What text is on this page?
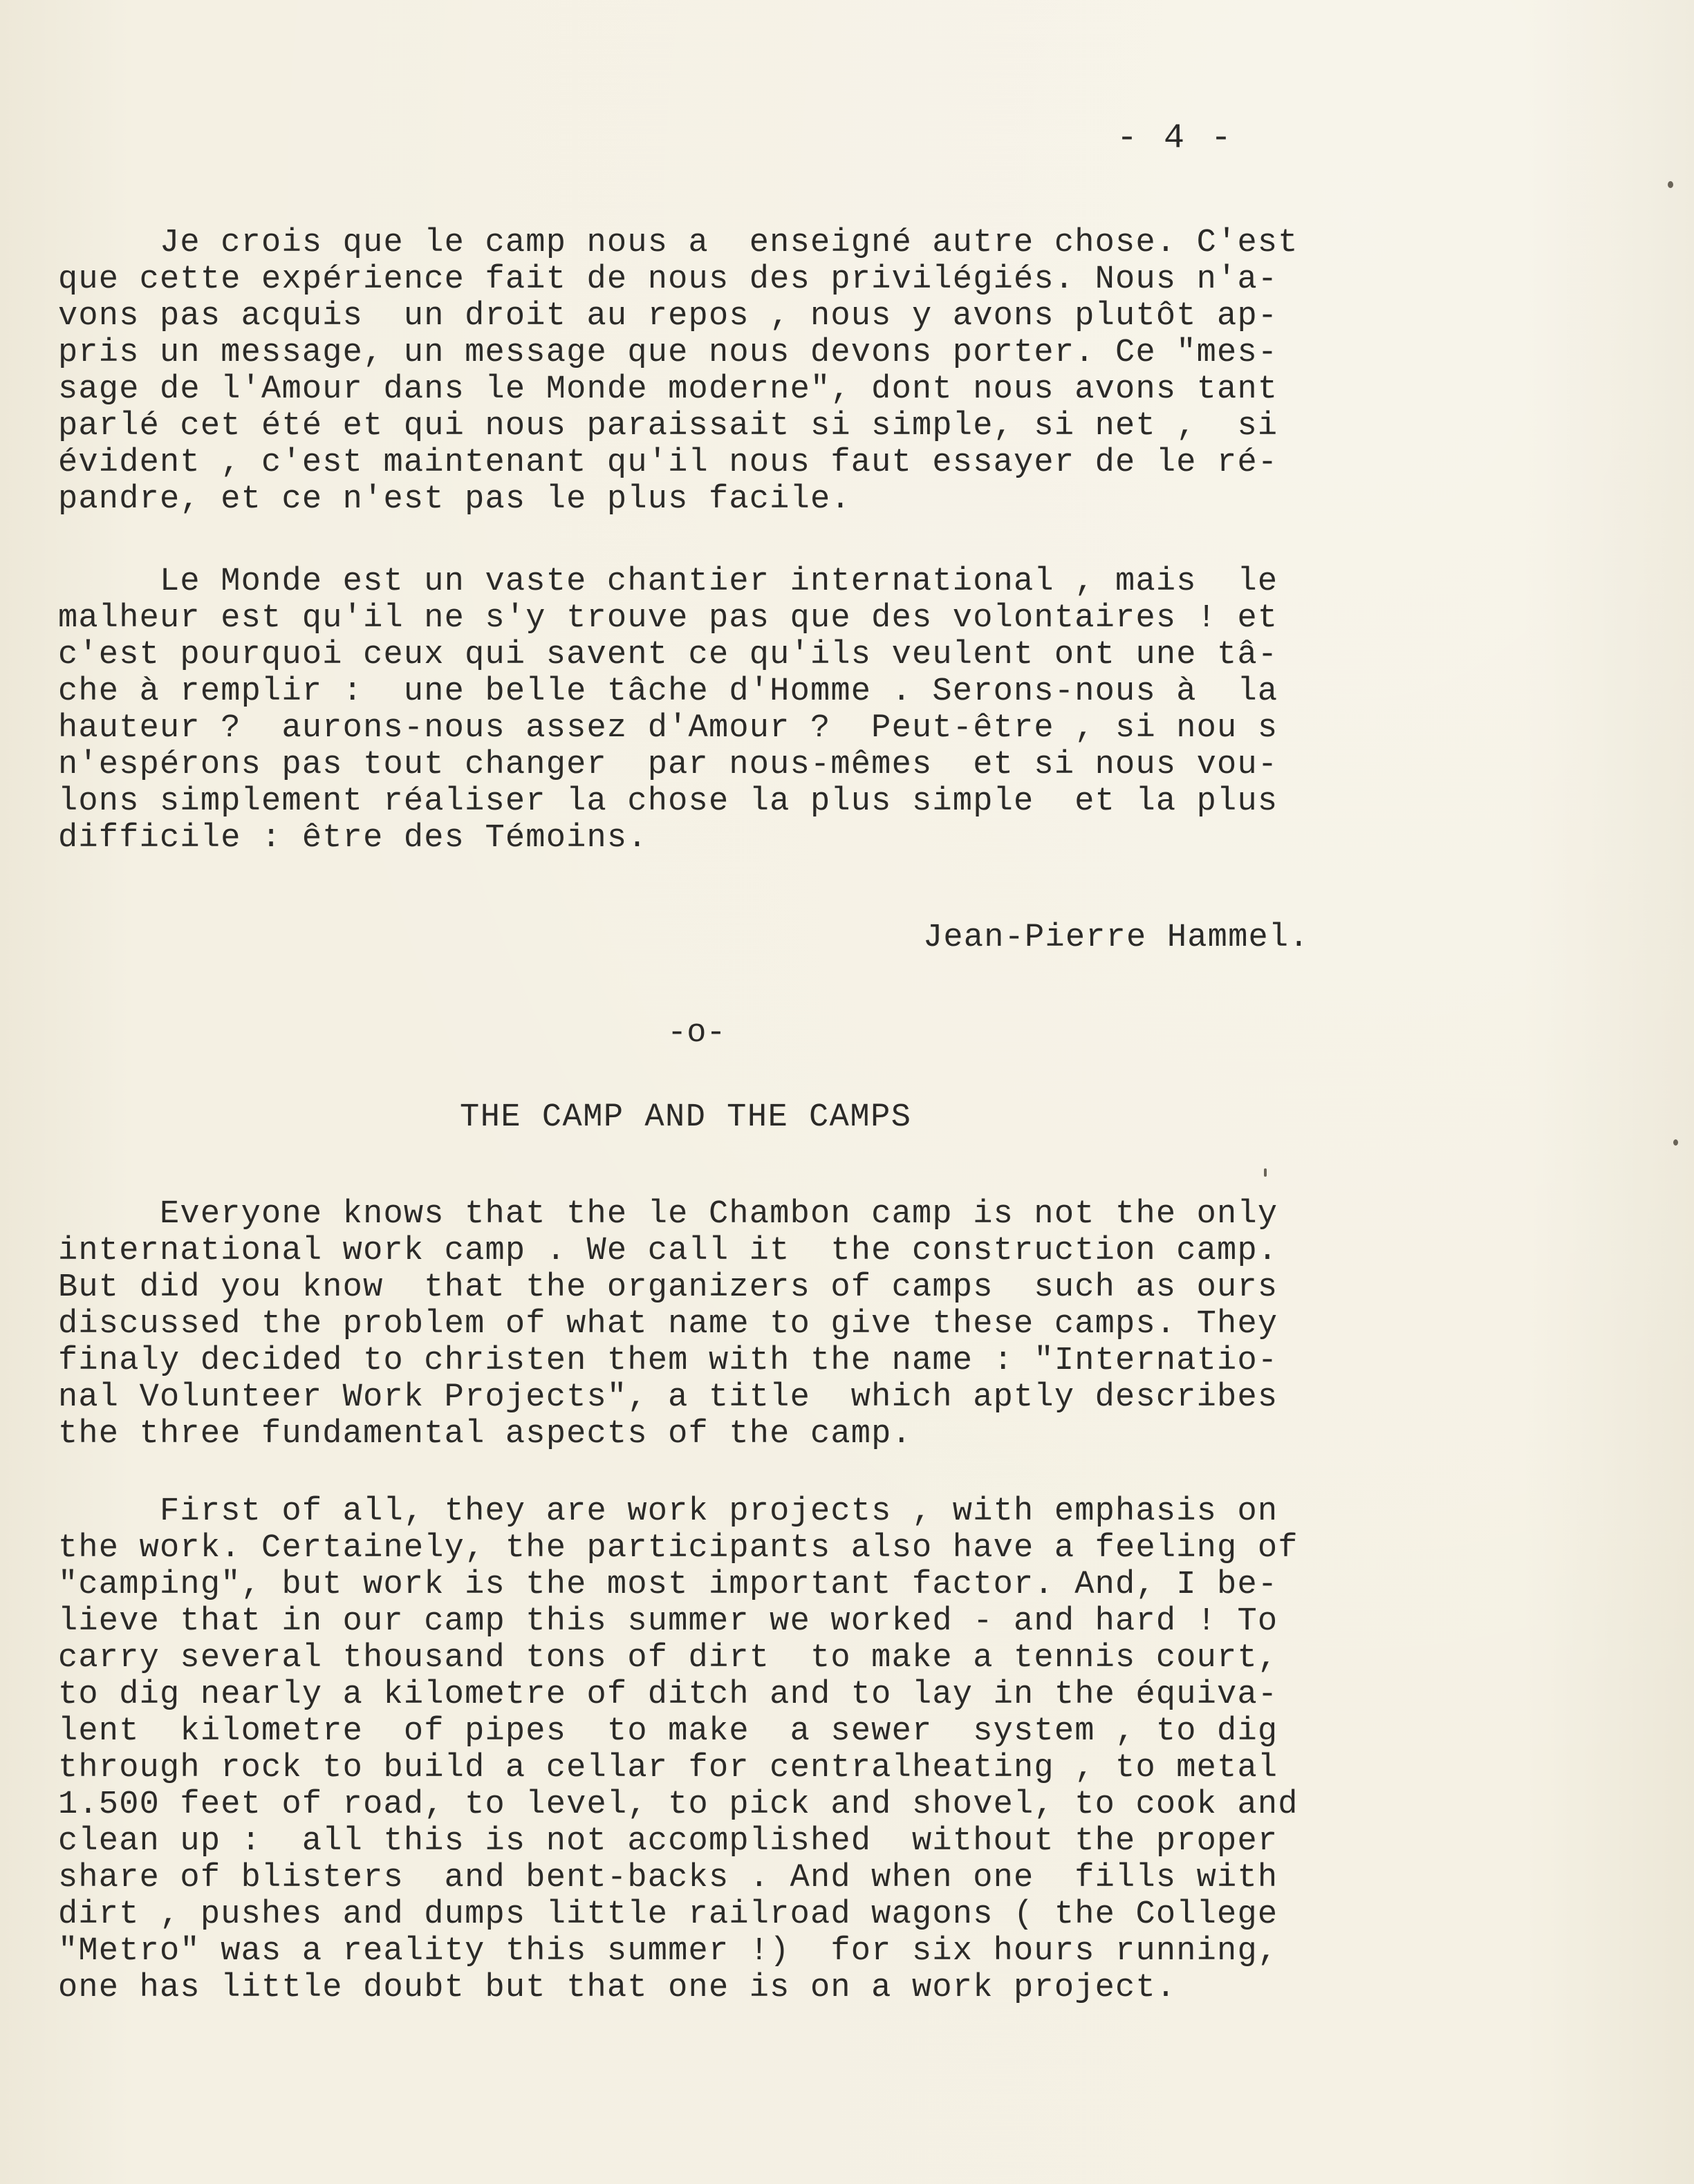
- 4 -
Je crois que le camp nous a  enseigné autre chose. C'est
que cette expérience fait de nous des privilégiés. Nous n'a-
vons pas acquis  un droit au repos , nous y avons plutôt ap-
pris un message, un message que nous devons porter. Ce "mes-
sage de l'Amour dans le Monde moderne", dont nous avons tant
parlé cet été et qui nous paraissait si simple, si net ,  si
évident , c'est maintenant qu'il nous faut essayer de le ré-
pandre, et ce n'est pas le plus facile.
Le Monde est un vaste chantier international , mais  le
malheur est qu'il ne s'y trouve pas que des volontaires ! et
c'est pourquoi ceux qui savent ce qu'ils veulent ont une tâ-
che à remplir :  une belle tâche d'Homme . Serons-nous à  la
hauteur ?  aurons-nous assez d'Amour ?  Peut-être , si nou s
n'espérons pas tout changer  par nous-mêmes  et si nous vou-
lons simplement réaliser la chose la plus simple  et la plus
difficile : être des Témoins.
Jean-Pierre Hammel.
-o-
THE CAMP AND THE CAMPS
Everyone knows that the le Chambon camp is not the only
international work camp . We call it  the construction camp.
But did you know  that the organizers of camps  such as ours
discussed the problem of what name to give these camps. They
finaly decided to christen them with the name : "Internatio-
nal Volunteer Work Projects", a title  which aptly describes
the three fundamental aspects of the camp.
First of all, they are work projects , with emphasis on
the work. Certainely, the participants also have a feeling of
"camping", but work is the most important factor. And, I be-
lieve that in our camp this summer we worked - and hard ! To
carry several thousand tons of dirt  to make a tennis court,
to dig nearly a kilometre of ditch and to lay in the équiva-
lent  kilometre  of pipes  to make  a sewer  system , to dig
through rock to build a cellar for centralheating , to metal
1.500 feet of road, to level, to pick and shovel, to cook and
clean up :  all this is not accomplished  without the proper
share of blisters  and bent-backs . And when one  fills with
dirt , pushes and dumps little railroad wagons ( the College
"Metro" was a reality this summer !)  for six hours running,
one has little doubt but that one is on a work project.
